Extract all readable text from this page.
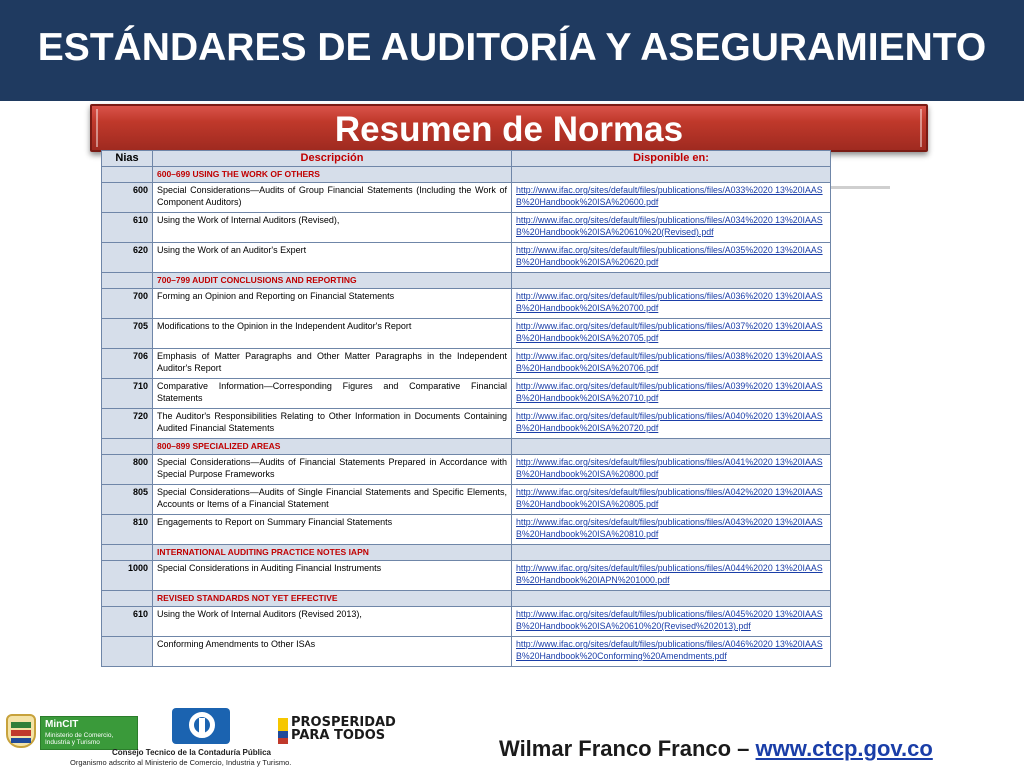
ESTÁNDARES DE AUDITORÍA Y ASEGURAMIENTO
Resumen de Normas
Nias	Descripción	Disponible en:
	600–699 USING THE WORK OF OTHERS	
600	Special Considerations—Audits of Group Financial Statements (Including the Work of Component Auditors)	http://www.ifac.org/sites/default/files/publications/files/A033%2020 13%20IAASB%20Handbook%20ISA%20600.pdf
610	Using the Work of Internal Auditors (Revised),	http://www.ifac.org/sites/default/files/publications/files/A034%2020 13%20IAASB%20Handbook%20ISA%20610%20(Revised).pdf
620	Using the Work of an Auditor's Expert	http://www.ifac.org/sites/default/files/publications/files/A035%2020 13%20IAASB%20Handbook%20ISA%20620.pdf
	700–799 AUDIT CONCLUSIONS AND REPORTING	
700	Forming an Opinion and Reporting on Financial Statements	http://www.ifac.org/sites/default/files/publications/files/A036%2020 13%20IAASB%20Handbook%20ISA%20700.pdf
705	Modifications to the Opinion in the Independent Auditor's Report	http://www.ifac.org/sites/default/files/publications/files/A037%2020 13%20IAASB%20Handbook%20ISA%20705.pdf
706	Emphasis of Matter Paragraphs and Other Matter Paragraphs in the Independent Auditor's Report	http://www.ifac.org/sites/default/files/publications/files/A038%2020 13%20IAASB%20Handbook%20ISA%20706.pdf
710	Comparative Information—Corresponding Figures and Comparative Financial Statements	http://www.ifac.org/sites/default/files/publications/files/A039%2020 13%20IAASB%20Handbook%20ISA%20710.pdf
720	The Auditor's Responsibilities Relating to Other Information in Documents Containing Audited Financial Statements	http://www.ifac.org/sites/default/files/publications/files/A040%2020 13%20IAASB%20Handbook%20ISA%20720.pdf
	800–899 SPECIALIZED AREAS	
800	Special Considerations—Audits of Financial Statements Prepared in Accordance with Special Purpose Frameworks	http://www.ifac.org/sites/default/files/publications/files/A041%2020 13%20IAASB%20Handbook%20ISA%20800.pdf
805	Special Considerations—Audits of Single Financial Statements and Specific Elements, Accounts or Items of a Financial Statement	http://www.ifac.org/sites/default/files/publications/files/A042%2020 13%20IAASB%20Handbook%20ISA%20805.pdf
810	Engagements to Report on Summary Financial Statements	http://www.ifac.org/sites/default/files/publications/files/A043%2020 13%20IAASB%20Handbook%20ISA%20810.pdf
	INTERNATIONAL AUDITING PRACTICE NOTES IAPN	
1000	Special Considerations in Auditing Financial Instruments	http://www.ifac.org/sites/default/files/publications/files/A044%2020 13%20IAASB%20Handbook%20IAPN%201000.pdf
	REVISED STANDARDS NOT YET EFFECTIVE	
610	Using the Work of Internal Auditors (Revised 2013),	http://www.ifac.org/sites/default/files/publications/files/A045%2020 13%20IAASB%20Handbook%20ISA%20610%20(Revised%202013).pdf
	Conforming Amendments to Other ISAs	http://www.ifac.org/sites/default/files/publications/files/A046%2020 13%20IAASB%20Handbook%20Conforming%20Amendments.pdf
MinCIT
Ministerio de Comercio, Industria y Turismo
PROSPERIDAD PARA TODOS
Consejo Tecnico de la Contaduría Pública
Organismo adscrito al Ministerio de Comercio, Industria y Turismo.
Wilmar Franco Franco – www.ctcp.gov.co
